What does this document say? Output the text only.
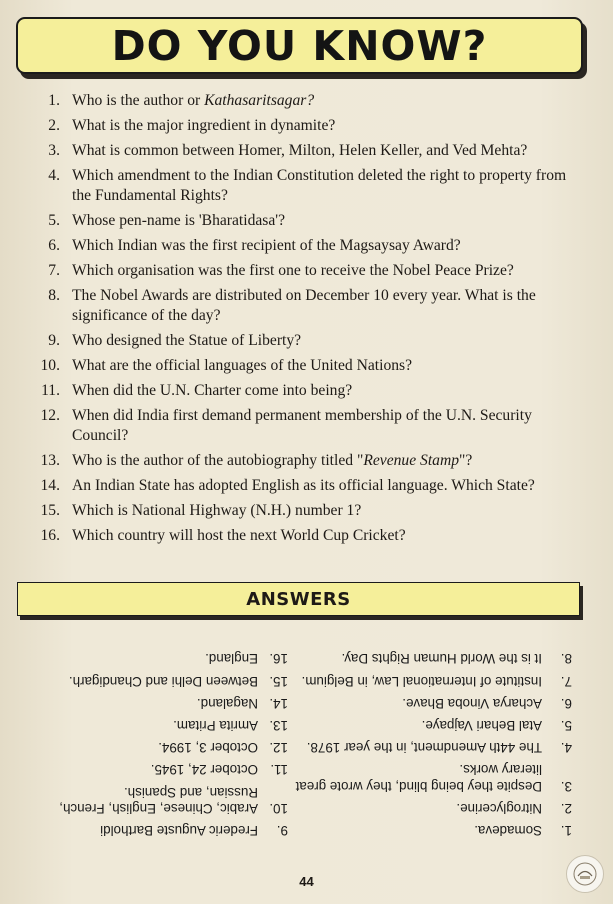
DO YOU KNOW?
1. Who is the author or Kathasaritsagar?
2. What is the major ingredient in dynamite?
3. What is common between Homer, Milton, Helen Keller, and Ved Mehta?
4. Which amendment to the Indian Constitution deleted the right to property from the Fundamental Rights?
5. Whose pen-name is 'Bharatidasa'?
6. Which Indian was the first recipient of the Magsaysay Award?
7. Which organisation was the first one to receive the Nobel Peace Prize?
8. The Nobel Awards are distributed on December 10 every year. What is the significance of the day?
9. Who designed the Statue of Liberty?
10. What are the official languages of the United Nations?
11. When did the U.N. Charter come into being?
12. When did India first demand permanent membership of the U.N. Security Council?
13. Who is the author of the autobiography titled "Revenue Stamp"?
14. An Indian State has adopted English as its official language. Which State?
15. Which is National Highway (N.H.) number 1?
16. Which country will host the next World Cup Cricket?
ANSWERS
1.
Somadeva.
2.
Nitroglycerine.
3.
Despite they being blind, they wrote great literary works.
4.
The 44th Amendment, in the year 1978.
5.
Atal Behari Vajpaye.
6.
Acharya Vinoba Bhave.
7.
Institute of International Law, in Belgium.
8.
It is the World Human Rights Day.
9.
Frederic Auguste Bartholdi
10.
Arabic, Chinese, English, French, Russian, and Spanish.
11.
October 24, 1945.
12.
October 3, 1994.
13.
Amrita Pritam.
14.
Nagaland.
15.
Between Delhi and Chandigarh.
16.
England.
44
